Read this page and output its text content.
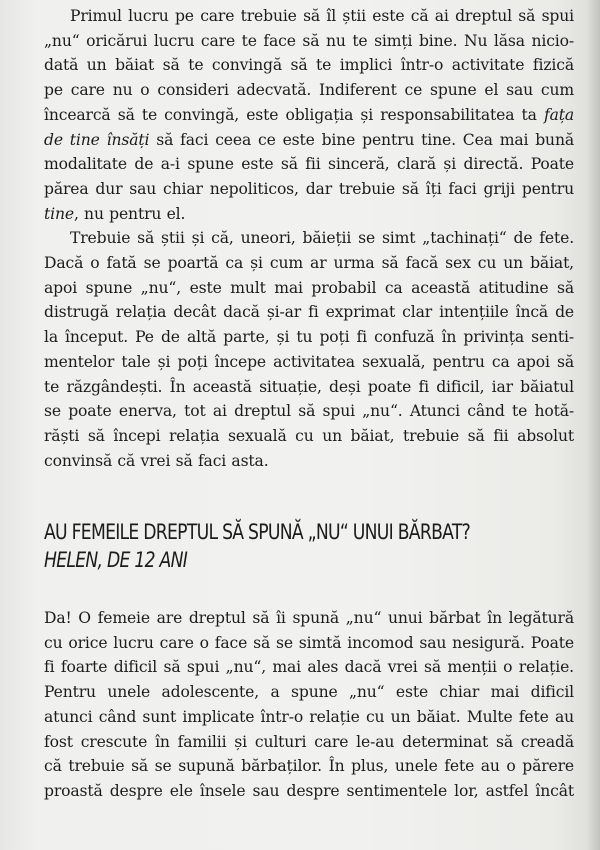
Primul lucru pe care trebuie să îl știi este că ai dreptul să spui
„nu“ oricărui lucru care te face să nu te simți bine. Nu lăsa nicio-
dată un băiat să te convingă să te implici într-o activitate fizică
pe care nu o consideri adecvată. Indiferent ce spune el sau cum
încearcă să te convingă, este obligația și responsabilitatea ta fața
de tine însăți să faci ceea ce este bine pentru tine. Cea mai bună
modalitate de a-i spune este să fii sinceră, clară și directă. Poate
părea dur sau chiar nepoliticos, dar trebuie să îți faci griji pentru
tine, nu pentru el.

Trebuie să știi și că, uneori, băieții se simt „tachinați“ de fete.
Dacă o fată se poartă ca și cum ar urma să facă sex cu un băiat,
apoi spune „nu“, este mult mai probabil ca această atitudine să
distrugă relația decât dacă și-ar fi exprimat clar intențiile încă de
la început. Pe de altă parte, și tu poți fi confuză în privința senti-
mentelor tale și poți începe activitatea sexuală, pentru ca apoi să
te răzgândești. În această situație, deși poate fi dificil, iar băiatul
se poate enerva, tot ai dreptul să spui „nu“. Atunci când te hotă-
răști să începi relația sexuală cu un băiat, trebuie să fii absolut
convinsă că vrei să faci asta.

AU FEMEILE DREPTUL SĂ SPUNĂ „NU“ UNUI BĂRBAT?
HELEN, DE 12 ANI

Da! O femeie are dreptul să îi spună „nu“ unui bărbat în legătură
cu orice lucru care o face să se simtă incomod sau nesigură. Poate
fi foarte dificil să spui „nu“, mai ales dacă vrei să menții o relație.
Pentru unele adolescente, a spune „nu“ este chiar mai dificil
atunci când sunt implicate într-o relație cu un băiat. Multe fete au
fost crescute în familii și culturi care le-au determinat să creadă
că trebuie să se supună bărbaților. În plus, unele fete au o părere
proastă despre ele însele sau despre sentimentele lor, astfel încât
